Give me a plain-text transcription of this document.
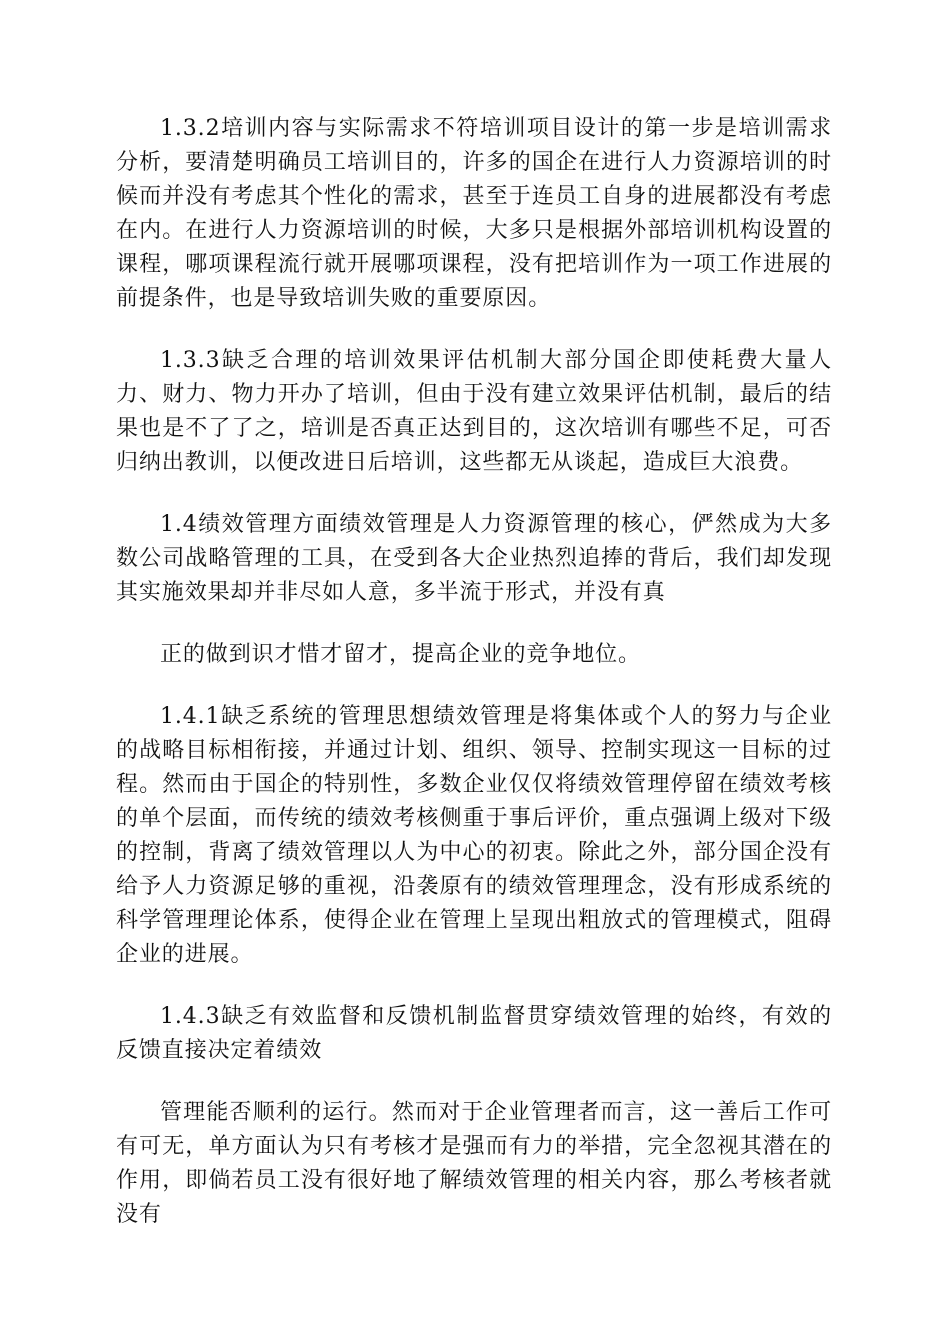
1.3.2培训内容与实际需求不符培训项目设计的第一步是培训需求分析，要清楚明确员工培训目的，许多的国企在进行人力资源培训的时候而并没有考虑其个性化的需求，甚至于连员工自身的进展都没有考虑在内。在进行人力资源培训的时候，大多只是根据外部培训机构设置的课程，哪项课程流行就开展哪项课程，没有把培训作为一项工作进展的前提条件，也是导致培训失败的重要原因。

1.3.3缺乏合理的培训效果评估机制大部分国企即使耗费大量人力、财力、物力开办了培训，但由于没有建立效果评估机制，最后的结果也是不了了之，培训是否真正达到目的，这次培训有哪些不足，可否归纳出教训，以便改进日后培训，这些都无从谈起，造成巨大浪费。

1.4绩效管理方面绩效管理是人力资源管理的核心，俨然成为大多数公司战略管理的工具，在受到各大企业热烈追捧的背后，我们却发现其实施效果却并非尽如人意，多半流于形式，并没有真

正的做到识才惜才留才，提高企业的竞争地位。

1.4.1缺乏系统的管理思想绩效管理是将集体或个人的努力与企业的战略目标相衔接，并通过计划、组织、领导、控制实现这一目标的过程。然而由于国企的特别性，多数企业仅仅将绩效管理停留在绩效考核的单个层面，而传统的绩效考核侧重于事后评价，重点强调上级对下级的控制，背离了绩效管理以人为中心的初衷。除此之外，部分国企没有给予人力资源足够的重视，沿袭原有的绩效管理理念，没有形成系统的科学管理理论体系，使得企业在管理上呈现出粗放式的管理模式，阻碍企业的进展。

1.4.3缺乏有效监督和反馈机制监督贯穿绩效管理的始终，有效的反馈直接决定着绩效

管理能否顺利的运行。然而对于企业管理者而言，这一善后工作可有可无，单方面认为只有考核才是强而有力的举措，完全忽视其潜在的作用，即倘若员工没有很好地了解绩效管理的相关内容，那么考核者就没有
